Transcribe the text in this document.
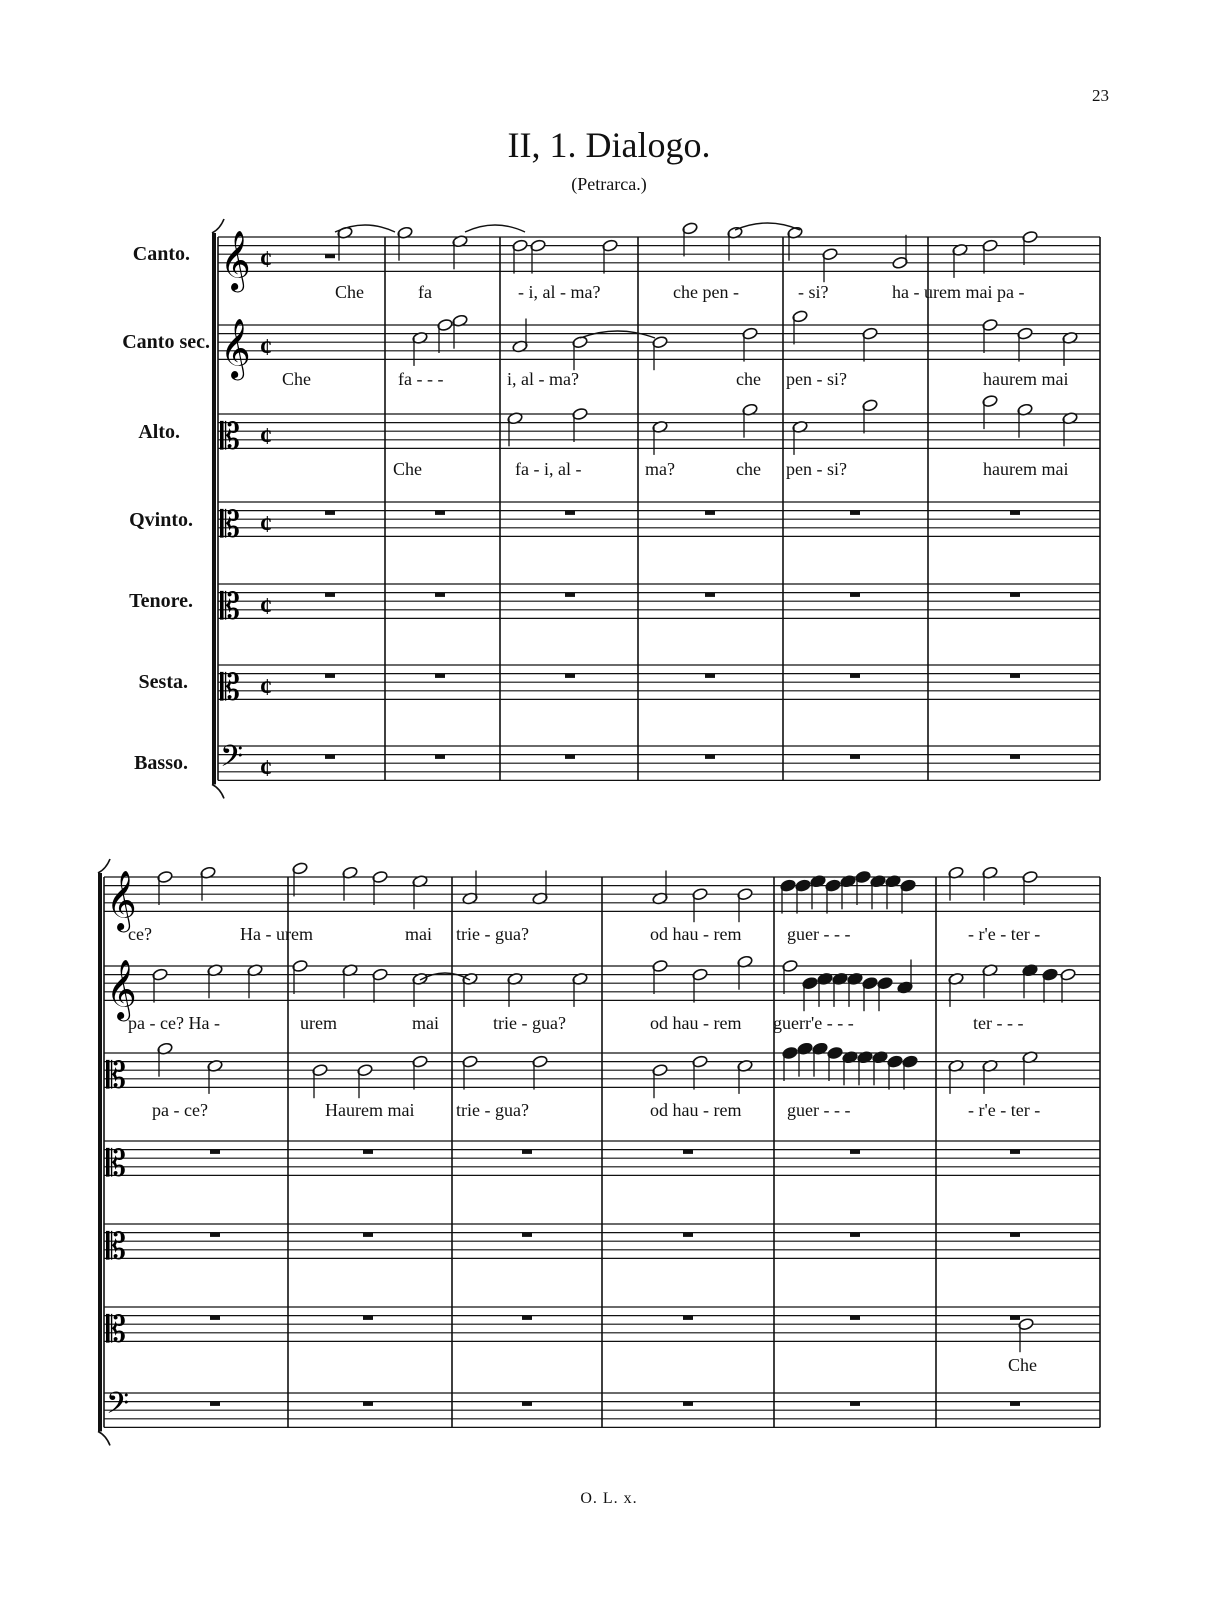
23
II, 1. Dialogo.
(Petrarca.)
Canto.
Canto sec.
Alto.
Qvinto.
Tenore.
Sesta.
Basso.
𝄞 ¢
𝄞 ¢
𝄡 ¢
𝄡 ¢
𝄡 ¢
𝄡 ¢
𝄢 ¢
𝄞
𝄞
𝄡
𝄡
𝄡
𝄡
𝄢
Che	fa	- i, al - ma?	che pen -	- si?	ha - urem mai pa -
Che	fa - - -	i, al - ma?	che pen - si?	haurem mai
Che	fa - i, al -	ma?	che pen - si?	haurem mai
ce?	Ha - urem	mai trie - gua?	od hau - rem	guer - - -	- r'e - ter -
pa - ce? Ha -	urem	mai	trie - gua?	od hau - rem guerr'e - - -	ter - - -
pa - ce?	Haurem mai trie - gua?	od hau - rem	guer - - -	- r'e - ter -
Che
O. L. x.
